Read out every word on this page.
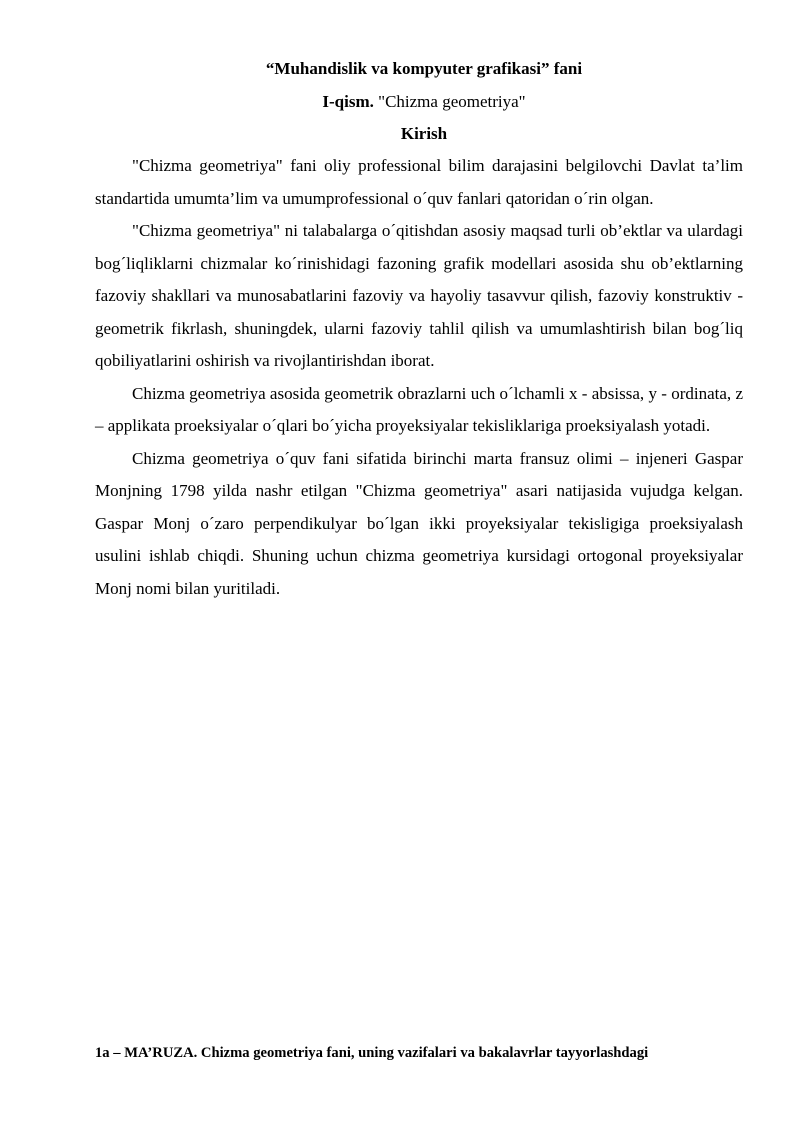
“Muhandislik va kompyuter grafikasi” fani
I-qism. "Chizma geometriya"
Kirish

"Chizma geometriya" fani oliy professional bilim darajasini belgilovchi Davlat ta’lim standartida umumta’lim va umumprofessional o´quv fanlari qatoridan o´rin olgan.

"Chizma geometriya" ni talabalarga o´qitishdan asosiy maqsad turli ob’ektlar va ulardagi bog´liqliklarni chizmalar ko´rinishidagi fazoning grafik modellari asosida shu ob’ektlarning fazoviy shakllari va munosabatlarini fazoviy va hayoliy tasavvur qilish, fazoviy konstruktiv - geometrik fikrlash, shuningdek, ularni fazoviy tahlil qilish va umumlashtirish bilan bog´liq qobiliyatlarini oshirish va rivojlantirishdan iborat.

Chizma geometriya asosida geometrik obrazlarni uch o´lchamli x - absissa, y - ordinata, z – applikata proeksiyalar o´qlari bo´yicha proyeksiyalar tekisliklariga proeksiyalash yotadi.

Chizma geometriya o´quv fani sifatida birinchi marta fransuz olimi – injeneri Gaspar Monjning 1798 yilda nashr etilgan "Chizma geometriya" asari natijasida vujudga kelgan. Gaspar Monj o´zaro perpendikulyar bo´lgan ikki proyeksiyalar tekisligiga proeksiyalash usulini ishlab chiqdi. Shuning uchun chizma geometriya kursidagi ortogonal proyeksiyalar Monj nomi bilan yuritiladi.

1a – MA’RUZA. Chizma geometriya fani, uning vazifalari va bakalavrlar tayyorlashdagi
